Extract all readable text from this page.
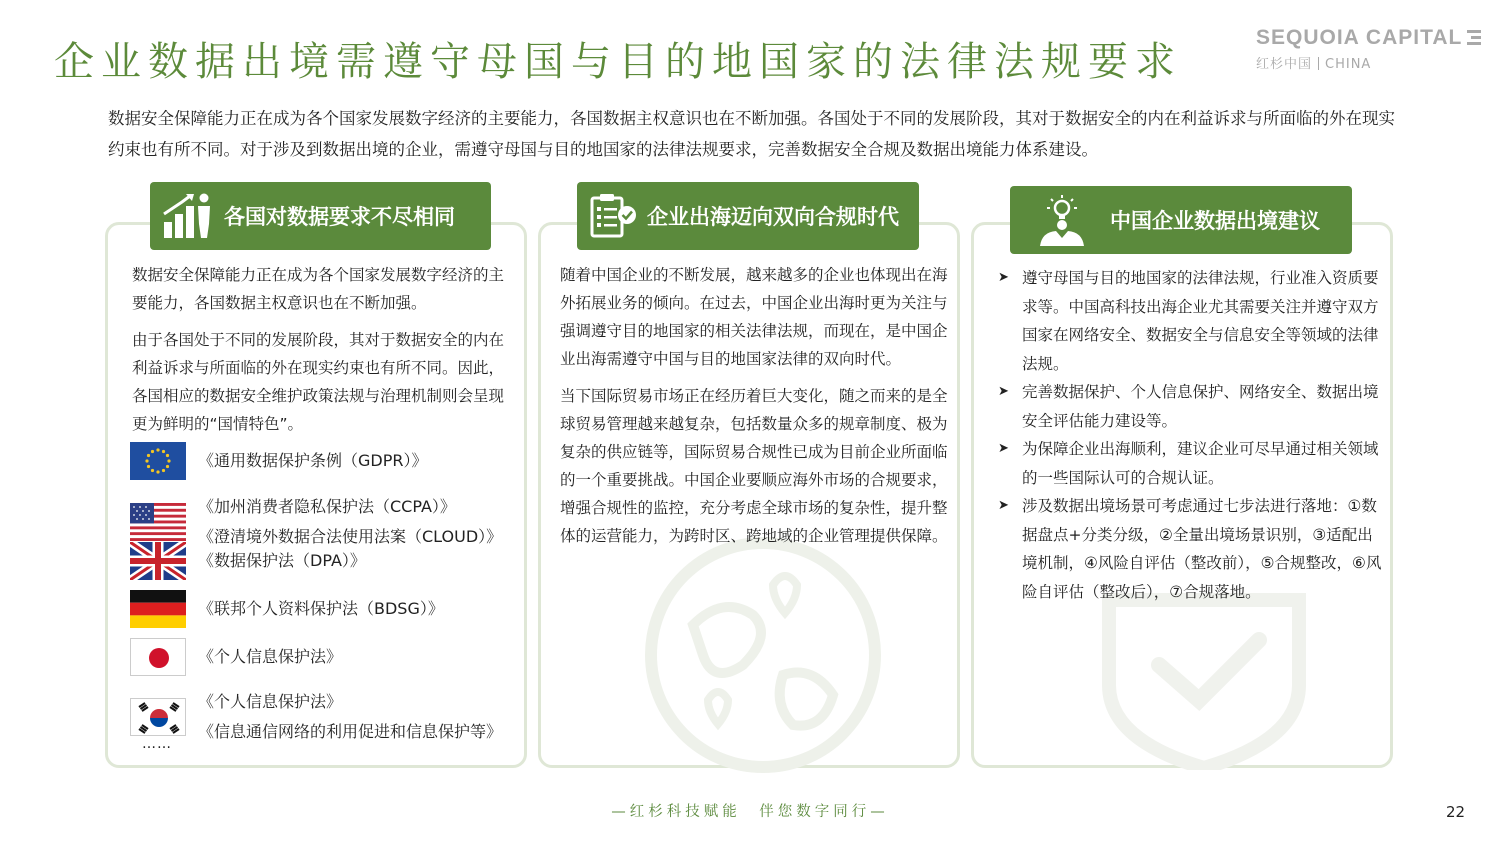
企业数据出境需遵守母国与目的地国家的法律法规要求
SEQUOIA CAPITAL
红杉中国 CHINA
数据安全保障能力正在成为各个国家发展数字经济的主要能力，各国数据主权意识也在不断加强。各国处于不同的发展阶段，其对于数据安全的内在利益诉求与所面临的外在现实约束也有所不同。对于涉及到数据出境的企业，需遵守母国与目的地国家的法律法规要求，完善数据安全合规及数据出境能力体系建设。
各国对数据要求不尽相同	企业出海迈向双向合规时代	中国企业数据出境建议

数据安全保障能力正在成为各个国家发展数字经济的主要能力，各国数据主权意识也在不断加强。

由于各国处于不同的发展阶段，其对于数据安全的内在利益诉求与所面临的外在现实约束也有所不同。因此，各国相应的数据安全维护政策法规与治理机制则会呈现更为鲜明的“国情特色”。

《通用数据保护条例（GDPR）》
《加州消费者隐私保护法（CCPA）》
《澄清境外数据合法使用法案（CLOUD）》
《数据保护法（DPA）》
《联邦个人资料保护法（BDSG）》
《个人信息保护法》
《个人信息保护法》
《信息通信网络的利用促进和信息保护等》
……

随着中国企业的不断发展，越来越多的企业也体现出在海外拓展业务的倾向。在过去，中国企业出海时更为关注与强调遵守目的地国家的相关法律法规，而现在，是中国企业出海需遵守中国与目的地国家法律的双向时代。

当下国际贸易市场正在经历着巨大变化，随之而来的是全球贸易管理越来越复杂，包括数量众多的规章制度、极为复杂的供应链等，国际贸易合规性已成为目前企业所面临的一个重要挑战。中国企业要顺应海外市场的合规要求，增强合规性的监控，充分考虑全球市场的复杂性，提升整体的运营能力，为跨时区、跨地域的企业管理提供保障。

➤ 遵守母国与目的地国家的法律法规，行业准入资质要求等。中国高科技出海企业尤其需要关注并遵守双方国家在网络安全、数据安全与信息安全等领域的法律法规。
➤ 完善数据保护、个人信息保护、网络安全、数据出境安全评估能力建设等。
➤ 为保障企业出海顺利，建议企业可尽早通过相关领域的一些国际认可的合规认证。
➤ 涉及数据出境场景可考虑通过七步法进行落地：①数据盘点+分类分级，②全量出境场景识别，③适配出境机制，④风险自评估（整改前），⑤合规整改，⑥风险自评估（整改后），⑦合规落地。
—红杉科技赋能　伴您数字同行—	22
